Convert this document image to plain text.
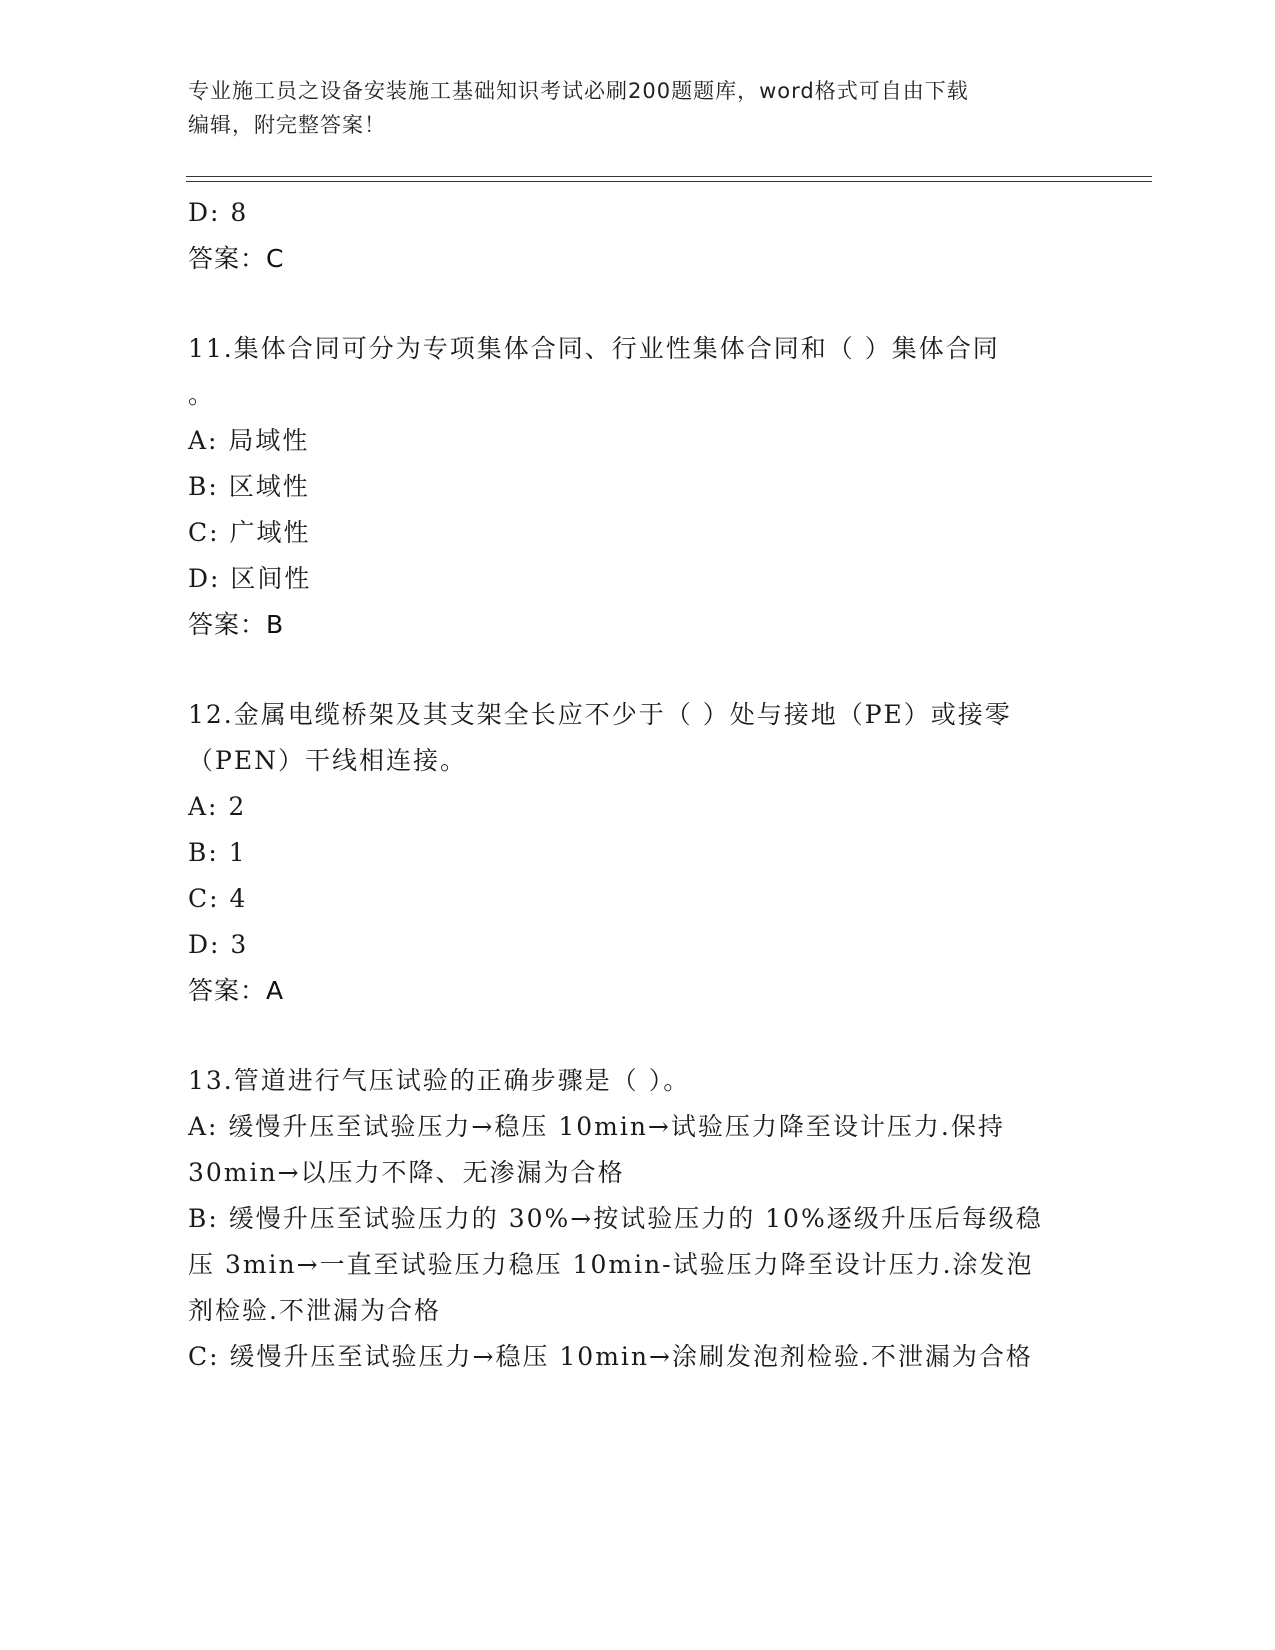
专业施工员之设备安装施工基础知识考试必刷200题题库，word格式可自由下载
编辑，附完整答案！
D: 8
答案：C
11.集体合同可分为专项集体合同、行业性集体合同和（ ）集体合同
。
A: 局域性
B: 区域性
C: 广域性
D: 区间性
答案：B
12.金属电缆桥架及其支架全长应不少于（ ）处与接地（PE）或接零
（PEN）干线相连接。
A: 2
B: 1
C: 4
D: 3
答案：A
13.管道进行气压试验的正确步骤是（ ）。
A: 缓慢升压至试验压力→稳压 10min→试验压力降至设计压力.保持
30min→以压力不降、无渗漏为合格
B: 缓慢升压至试验压力的 30%→按试验压力的 10%逐级升压后每级稳
压 3min→一直至试验压力稳压 10min-试验压力降至设计压力.涂发泡
剂检验.不泄漏为合格
C: 缓慢升压至试验压力→稳压 10min→涂刷发泡剂检验.不泄漏为合格
